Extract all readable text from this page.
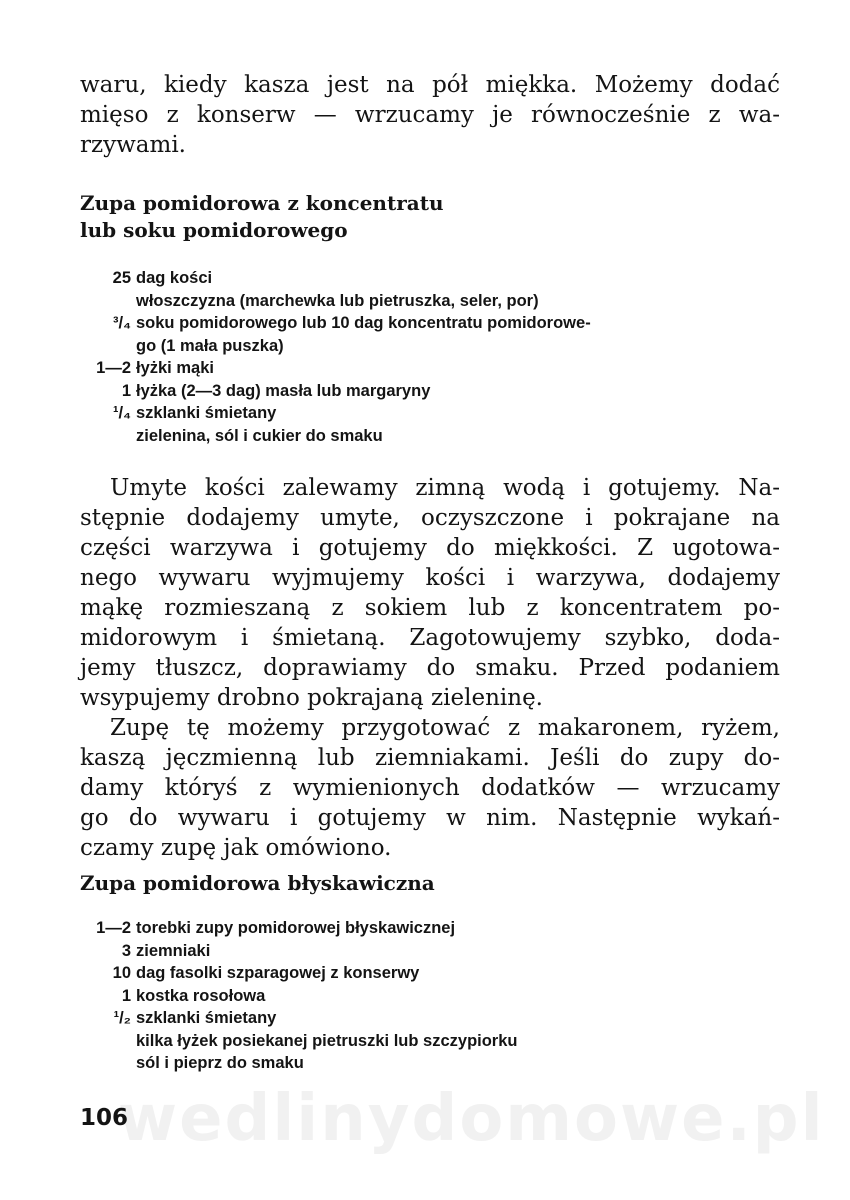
waru, kiedy kasza jest na pół miękka. Możemy dodać
mięso z konserw — wrzucamy je równocześnie z wa-
rzywami.

Zupa pomidorowa z koncentratu
lub soku pomidorowego
25 dag kości
włoszczyzna (marchewka lub pietruszka, seler, por)
³/₄ soku pomidorowego lub 10 dag koncentratu pomidorowe-
go (1 mała puszka)
1—2 łyżki mąki
1 łyżka (2—3 dag) masła lub margaryny
¹/₄ szklanki śmietany
zielenina, sól i cukier do smaku

Umyte kości zalewamy zimną wodą i gotujemy. Na-
stępnie dodajemy umyte, oczyszczone i pokrajane na
części warzywa i gotujemy do miękkości. Z ugotowa-
nego wywaru wyjmujemy kości i warzywa, dodajemy
mąkę rozmieszaną z sokiem lub z koncentratem po-
midorowym i śmietaną. Zagotowujemy szybko, doda-
jemy tłuszcz, doprawiamy do smaku. Przed podaniem
wsypujemy drobno pokrajaną zieleninę.

Zupę tę możemy przygotować z makaronem, ryżem,
kaszą jęczmienną lub ziemniakami. Jeśli do zupy do-
damy któryś z wymienionych dodatków — wrzucamy
go do wywaru i gotujemy w nim. Następnie wykań-
czamy zupę jak omówiono.

Zupa pomidorowa błyskawiczna
1—2 torebki zupy pomidorowej błyskawicznej
3 ziemniaki
10 dag fasolki szparagowej z konserwy
1 kostka rosołowa
¹/₂ szklanki śmietany
kilka łyżek posiekanej pietruszki lub szczypiorku
sól i pieprz do smaku

wedlinydomowe.pl

106
